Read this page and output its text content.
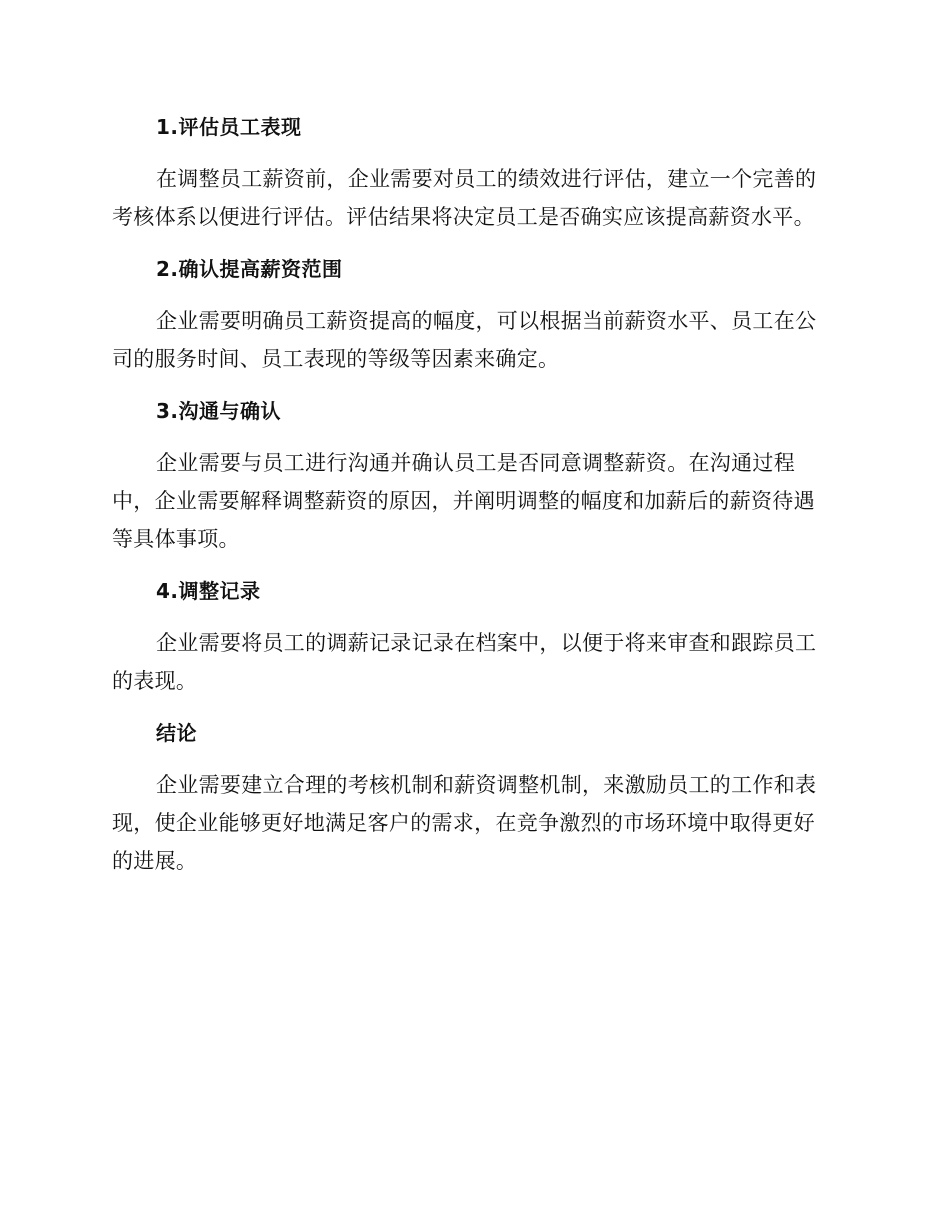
1.评估员工表现
在调整员工薪资前，企业需要对员工的绩效进行评估，建立一个完善的
考核体系以便进行评估。评估结果将决定员工是否确实应该提高薪资水平。
2.确认提高薪资范围
企业需要明确员工薪资提高的幅度，可以根据当前薪资水平、员工在公
司的服务时间、员工表现的等级等因素来确定。
3.沟通与确认
企业需要与员工进行沟通并确认员工是否同意调整薪资。在沟通过程
中，企业需要解释调整薪资的原因，并阐明调整的幅度和加薪后的薪资待遇
等具体事项。
4.调整记录
企业需要将员工的调薪记录记录在档案中，以便于将来审查和跟踪员工
的表现。
结论
企业需要建立合理的考核机制和薪资调整机制，来激励员工的工作和表
现，使企业能够更好地满足客户的需求，在竞争激烈的市场环境中取得更好
的进展。
